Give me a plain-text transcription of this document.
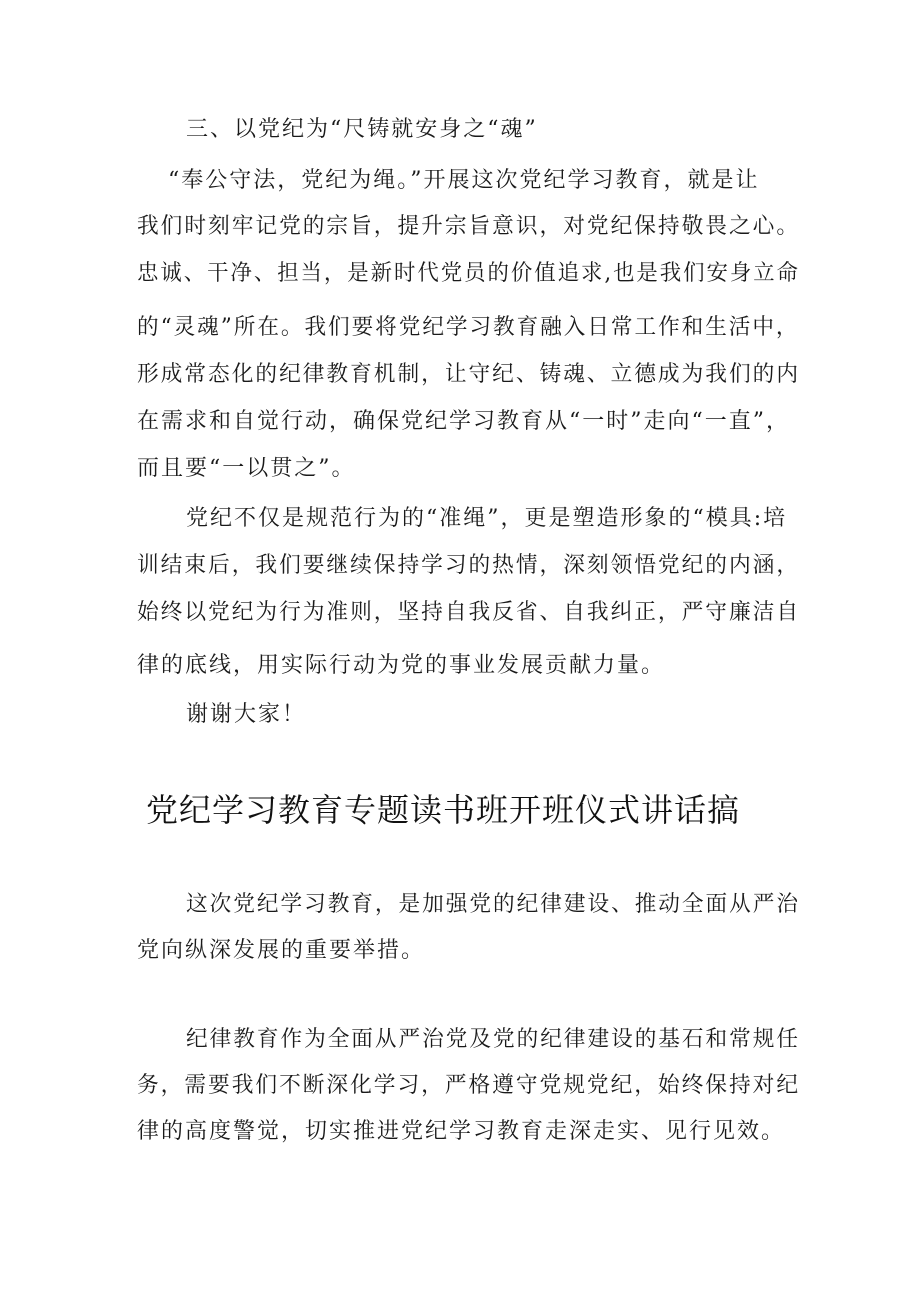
三、以党纪为“尺铸就安身之“魂”
“奉公守法，党纪为绳。”开展这次党纪学习教育，就是让
我们时刻牢记党的宗旨，提升宗旨意识，对党纪保持敬畏之心。
忠诚、干净、担当，是新时代党员的价值追求,也是我们安身立命
的“灵魂”所在。我们要将党纪学习教育融入日常工作和生活中，
形成常态化的纪律教育机制，让守纪、铸魂、立德成为我们的内
在需求和自觉行动，确保党纪学习教育从“一时”走向“一直”，
而且要“一以贯之”。
党纪不仅是规范行为的“准绳”，更是塑造形象的“模具:培
训结束后，我们要继续保持学习的热情，深刻领悟党纪的内涵，
始终以党纪为行为准则，坚持自我反省、自我纠正，严守廉洁自
律的底线，用实际行动为党的事业发展贡献力量。
谢谢大家！
党纪学习教育专题读书班开班仪式讲话搞
这次党纪学习教育，是加强党的纪律建设、推动全面从严治
党向纵深发展的重要举措。
纪律教育作为全面从严治党及党的纪律建设的基石和常规任
务，需要我们不断深化学习，严格遵守党规党纪，始终保持对纪
律的高度警觉，切实推进党纪学习教育走深走实、见行见效。
